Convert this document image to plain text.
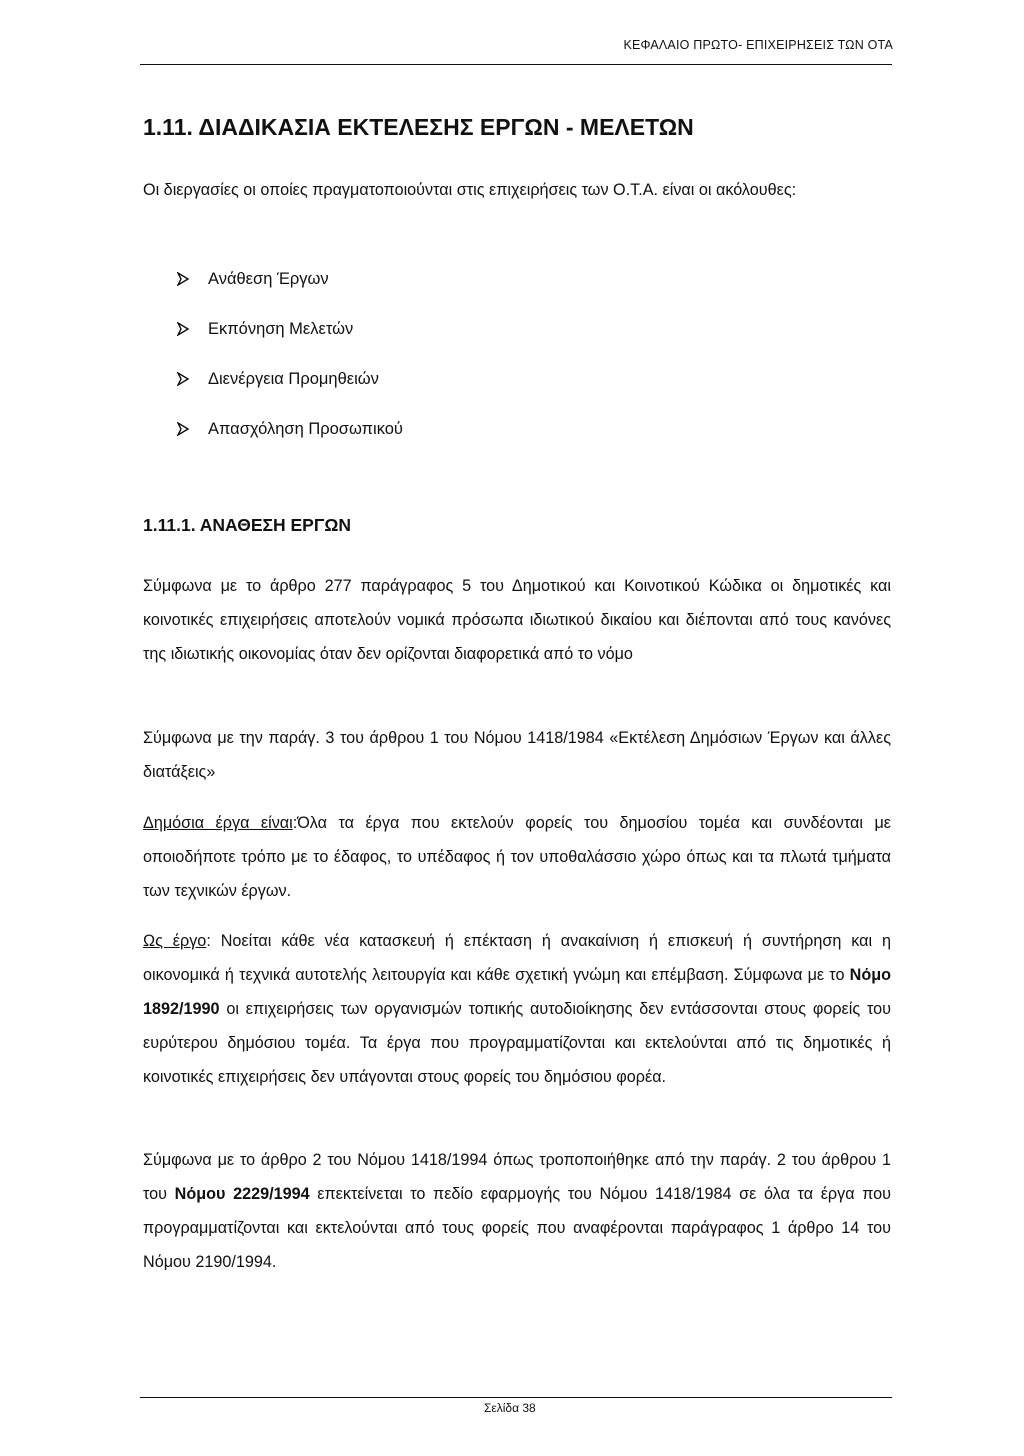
ΚΕΦΑΛΑΙΟ ΠΡΩΤΟ- ΕΠΙΧΕΙΡΗΣΕΙΣ ΤΩΝ ΟΤΑ
1.11. ΔΙΑΔΙΚΑΣΙΑ ΕΚΤΕΛΕΣΗΣ ΕΡΓΩΝ - ΜΕΛΕΤΩΝ

Οι διεργασίες οι οποίες πραγματοποιούνται στις επιχειρήσεις των Ο.Τ.Α. είναι οι ακόλουθες:

Ανάθεση Έργων
Εκπόνηση Μελετών
Διενέργεια Προμηθειών
Απασχόληση Προσωπικού
1.11.1. ΑΝΑΘΕΣΗ ΕΡΓΩΝ

Σύμφωνα με το άρθρο 277 παράγραφος 5 του Δημοτικού και Κοινοτικού Κώδικα οι δημοτικές και κοινοτικές επιχειρήσεις αποτελούν νομικά πρόσωπα ιδιωτικού δικαίου και διέπονται από τους κανόνες της ιδιωτικής οικονομίας όταν δεν ορίζονται διαφορετικά από το νόμο

Σύμφωνα με την παράγ. 3 του άρθρου 1 του Νόμου 1418/1984 «Εκτέλεση Δημόσιων Έργων και άλλες διατάξεις»

Δημόσια έργα είναι:Όλα τα έργα που εκτελούν φορείς του δημοσίου τομέα και συνδέονται με οποιοδήποτε τρόπο με το έδαφος, το υπέδαφος ή τον υποθαλάσσιο χώρο όπως και τα πλωτά τμήματα των τεχνικών έργων.

Ως έργο: Νοείται κάθε νέα κατασκευή ή επέκταση ή ανακαίνιση ή επισκευή ή συντήρηση και η οικονομικά ή τεχνικά αυτοτελής λειτουργία και κάθε σχετική γνώμη και επέμβαση. Σύμφωνα με το Νόμο 1892/1990 οι επιχειρήσεις των οργανισμών τοπικής αυτοδιοίκησης δεν εντάσσονται στους φορείς του ευρύτερου δημόσιου τομέα. Τα έργα που προγραμματίζονται και εκτελούνται από τις δημοτικές ή κοινοτικές επιχειρήσεις δεν υπάγονται στους φορείς του δημόσιου φορέα.

Σύμφωνα με το άρθρο 2 του Νόμου 1418/1994 όπως τροποποιήθηκε από την παράγ. 2 του άρθρου 1 του Νόμου 2229/1994 επεκτείνεται το πεδίο εφαρμογής του Νόμου 1418/1984 σε όλα τα έργα που προγραμματίζονται και εκτελούνται από τους φορείς που αναφέρονται παράγραφος 1 άρθρο 14 του Νόμου 2190/1994.

Σελίδα 38
